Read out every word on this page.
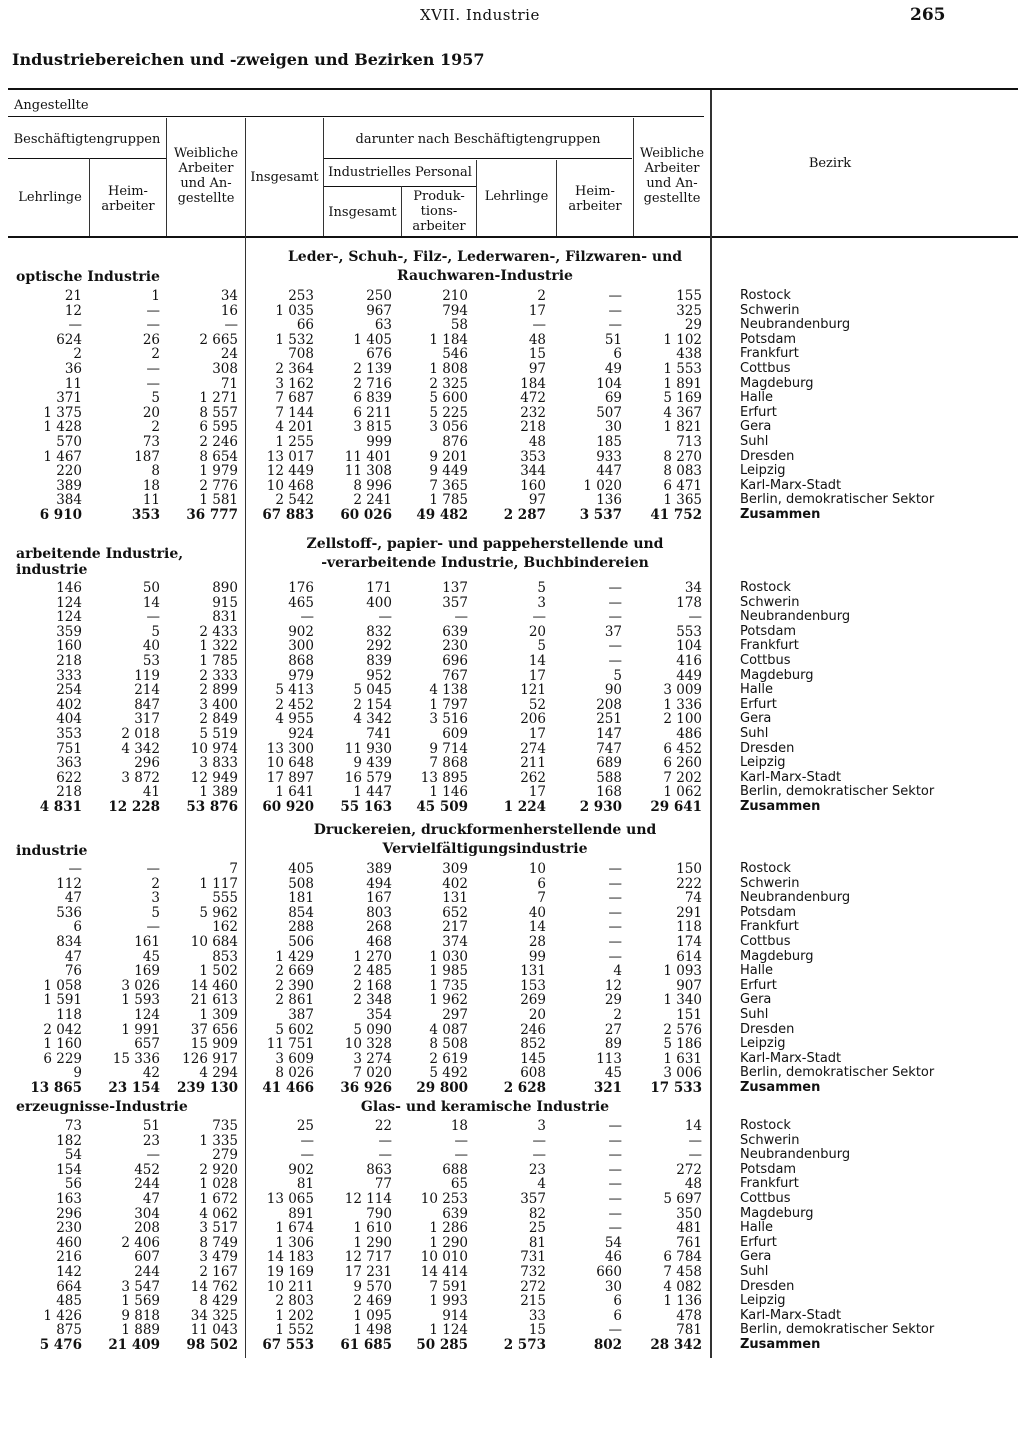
XVII. Industrie	265
Industriebereichen und -zweigen und Bezirken 1957
Angestellte
Beschäftigtengruppen
Lehrlinge	Heim-
arbeiter
Weibliche
Arbeiter
und An-
gestellte
Insgesamt
darunter nach Beschäftigtengruppen
Industrielles Personal
Insgesamt
Produk-
tions-
arbeiter
Lehrlinge	Heim-
arbeiter
Weibliche
Arbeiter
und An-
gestellte
Bezirk
optische Industrie
Leder-, Schuh-, Filz-, Lederwaren-, Filzwaren- und
Rauchwaren-Industrie
arbeitende Industrie,
industrie
Zellstoff-, papier- und pappeherstellende und
-verarbeitende Industrie, Buchbindereien
industrie
Druckereien, druckformenherstellende und
Vervielfältigungsindustrie
erzeugnisse-Industrie	Glas- und keramische Industrie
21	1	34	253	250	210	2	—	155	Rostock
12	—	16	1 035	967	794	17	—	325	Schwerin
—	—	—	66	63	58	—	—	29	Neubrandenburg
624	26	2 665	1 532	1 405	1 184	48	51	1 102	Potsdam
2	2	24	708	676	546	15	6	438	Frankfurt
36	—	308	2 364	2 139	1 808	97	49	1 553	Cottbus
11	—	71	3 162	2 716	2 325	184	104	1 891	Magdeburg
371	5	1 271	7 687	6 839	5 600	472	69	5 169	Halle
1 375	20	8 557	7 144	6 211	5 225	232	507	4 367	Erfurt
1 428	2	6 595	4 201	3 815	3 056	218	30	1 821	Gera
570	73	2 246	1 255	999	876	48	185	713	Suhl
1 467	187	8 654	13 017	11 401	9 201	353	933	8 270	Dresden
220	8	1 979	12 449	11 308	9 449	344	447	8 083	Leipzig
389	18	2 776	10 468	8 996	7 365	160	1 020	6 471	Karl-Marx-Stadt
384	11	1 581	2 542	2 241	1 785	97	136	1 365	Berlin, demokratischer Sektor
6 910	353	36 777	67 883	60 026	49 482	2 287	3 537	41 752	Zusammen
146	50	890	176	171	137	5	—	34	Rostock
124	14	915	465	400	357	3	—	178	Schwerin
124	—	831	—	—	—	—	—	—	Neubrandenburg
359	5	2 433	902	832	639	20	37	553	Potsdam
160	40	1 322	300	292	230	5	—	104	Frankfurt
218	53	1 785	868	839	696	14	—	416	Cottbus
333	119	2 333	979	952	767	17	5	449	Magdeburg
254	214	2 899	5 413	5 045	4 138	121	90	3 009	Halle
402	847	3 400	2 452	2 154	1 797	52	208	1 336	Erfurt
404	317	2 849	4 955	4 342	3 516	206	251	2 100	Gera
353	2 018	5 519	924	741	609	17	147	486	Suhl
751	4 342	10 974	13 300	11 930	9 714	274	747	6 452	Dresden
363	296	3 833	10 648	9 439	7 868	211	689	6 260	Leipzig
622	3 872	12 949	17 897	16 579	13 895	262	588	7 202	Karl-Marx-Stadt
218	41	1 389	1 641	1 447	1 146	17	168	1 062	Berlin, demokratischer Sektor
4 831	12 228	53 876	60 920	55 163	45 509	1 224	2 930	29 641	Zusammen
—	—	7	405	389	309	10	—	150	Rostock
112	2	1 117	508	494	402	6	—	222	Schwerin
47	3	555	181	167	131	7	—	74	Neubrandenburg
536	5	5 962	854	803	652	40	—	291	Potsdam
6	—	162	288	268	217	14	—	118	Frankfurt
834	161	10 684	506	468	374	28	—	174	Cottbus
47	45	853	1 429	1 270	1 030	99	—	614	Magdeburg
76	169	1 502	2 669	2 485	1 985	131	4	1 093	Halle
1 058	3 026	14 460	2 390	2 168	1 735	153	12	907	Erfurt
1 591	1 593	21 613	2 861	2 348	1 962	269	29	1 340	Gera
118	124	1 309	387	354	297	20	2	151	Suhl
2 042	1 991	37 656	5 602	5 090	4 087	246	27	2 576	Dresden
1 160	657	15 909	11 751	10 328	8 508	852	89	5 186	Leipzig
6 229	15 336	126 917	3 609	3 274	2 619	145	113	1 631	Karl-Marx-Stadt
9	42	4 294	8 026	7 020	5 492	608	45	3 006	Berlin, demokratischer Sektor
13 865	23 154	239 130	41 466	36 926	29 800	2 628	321	17 533	Zusammen
73	51	735	25	22	18	3	—	14	Rostock
182	23	1 335	—	—	—	—	—	—	Schwerin
54	—	279	—	—	—	—	—	—	Neubrandenburg
154	452	2 920	902	863	688	23	—	272	Potsdam
56	244	1 028	81	77	65	4	—	48	Frankfurt
163	47	1 672	13 065	12 114	10 253	357	—	5 697	Cottbus
296	304	4 062	891	790	639	82	—	350	Magdeburg
230	208	3 517	1 674	1 610	1 286	25	—	481	Halle
460	2 406	8 749	1 306	1 290	1 290	81	54	761	Erfurt
216	607	3 479	14 183	12 717	10 010	731	46	6 784	Gera
142	244	2 167	19 169	17 231	14 414	732	660	7 458	Suhl
664	3 547	14 762	10 211	9 570	7 591	272	30	4 082	Dresden
485	1 569	8 429	2 803	2 469	1 993	215	6	1 136	Leipzig
1 426	9 818	34 325	1 202	1 095	914	33	6	478	Karl-Marx-Stadt
875	1 889	11 043	1 552	1 498	1 124	15	—	781	Berlin, demokratischer Sektor
5 476	21 409	98 502	67 553	61 685	50 285	2 573	802	28 342	Zusammen
